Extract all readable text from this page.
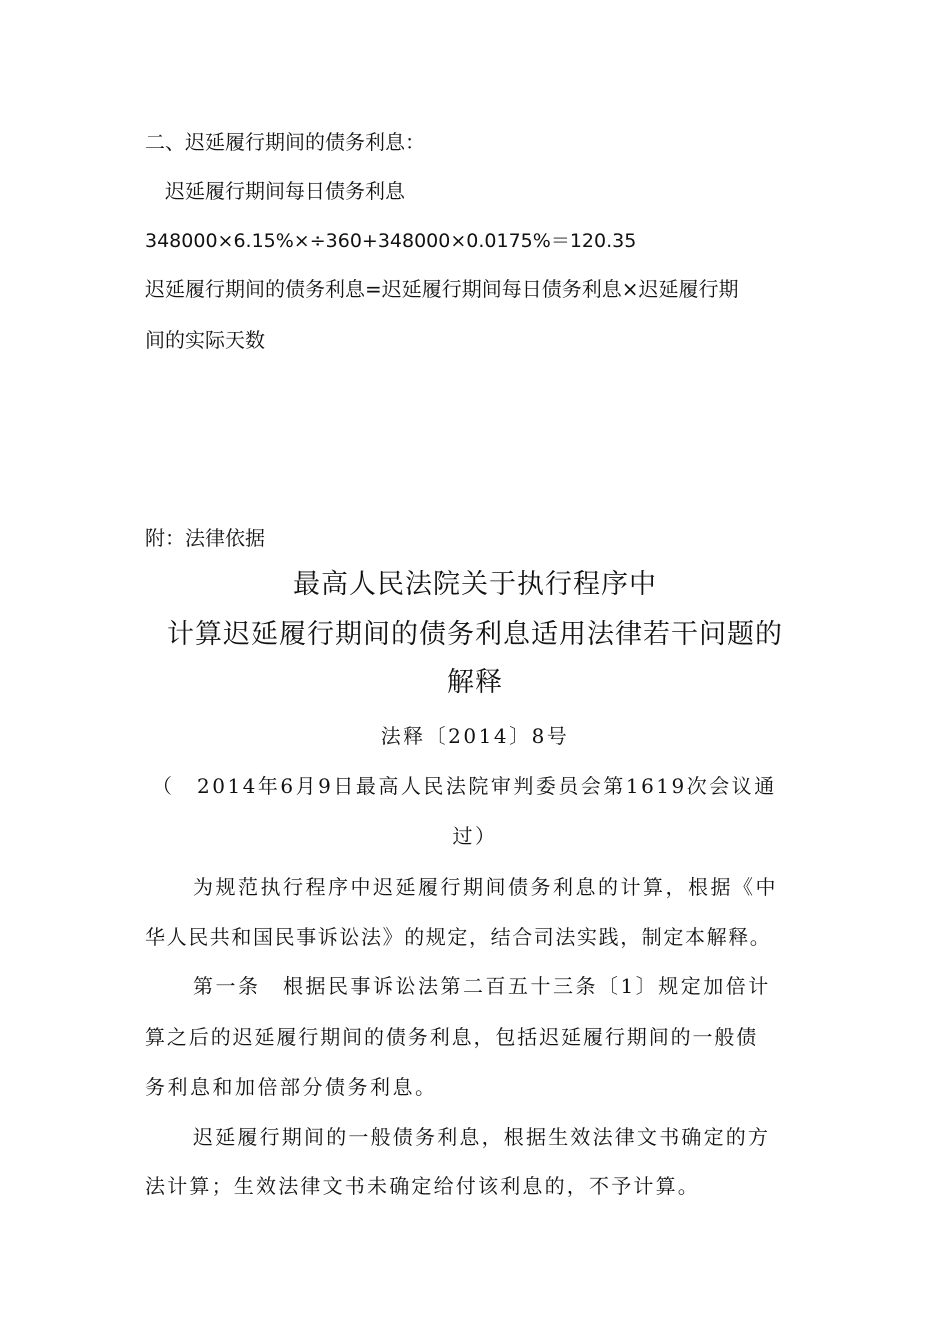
二、迟延履行期间的债务利息：
迟延履行期间每日债务利息
348000×6.15%×÷360+348000×0.0175%＝120.35
迟延履行期间的债务利息=迟延履行期间每日债务利息×迟延履行期
间的实际天数
附：法律依据
最高人民法院关于执行程序中
计算迟延履行期间的债务利息适用法律若干问题的
解释
法释〔2014〕8号
（　2014年6月9日最高人民法院审判委员会第1619次会议通
过）
为规范执行程序中迟延履行期间债务利息的计算，根据《中
华人民共和国民事诉讼法》的规定，结合司法实践，制定本解释。
第一条　根据民事诉讼法第二百五十三条〔1〕规定加倍计
算之后的迟延履行期间的债务利息，包括迟延履行期间的一般债
务利息和加倍部分债务利息。
迟延履行期间的一般债务利息，根据生效法律文书确定的方
法计算；生效法律文书未确定给付该利息的，不予计算。
